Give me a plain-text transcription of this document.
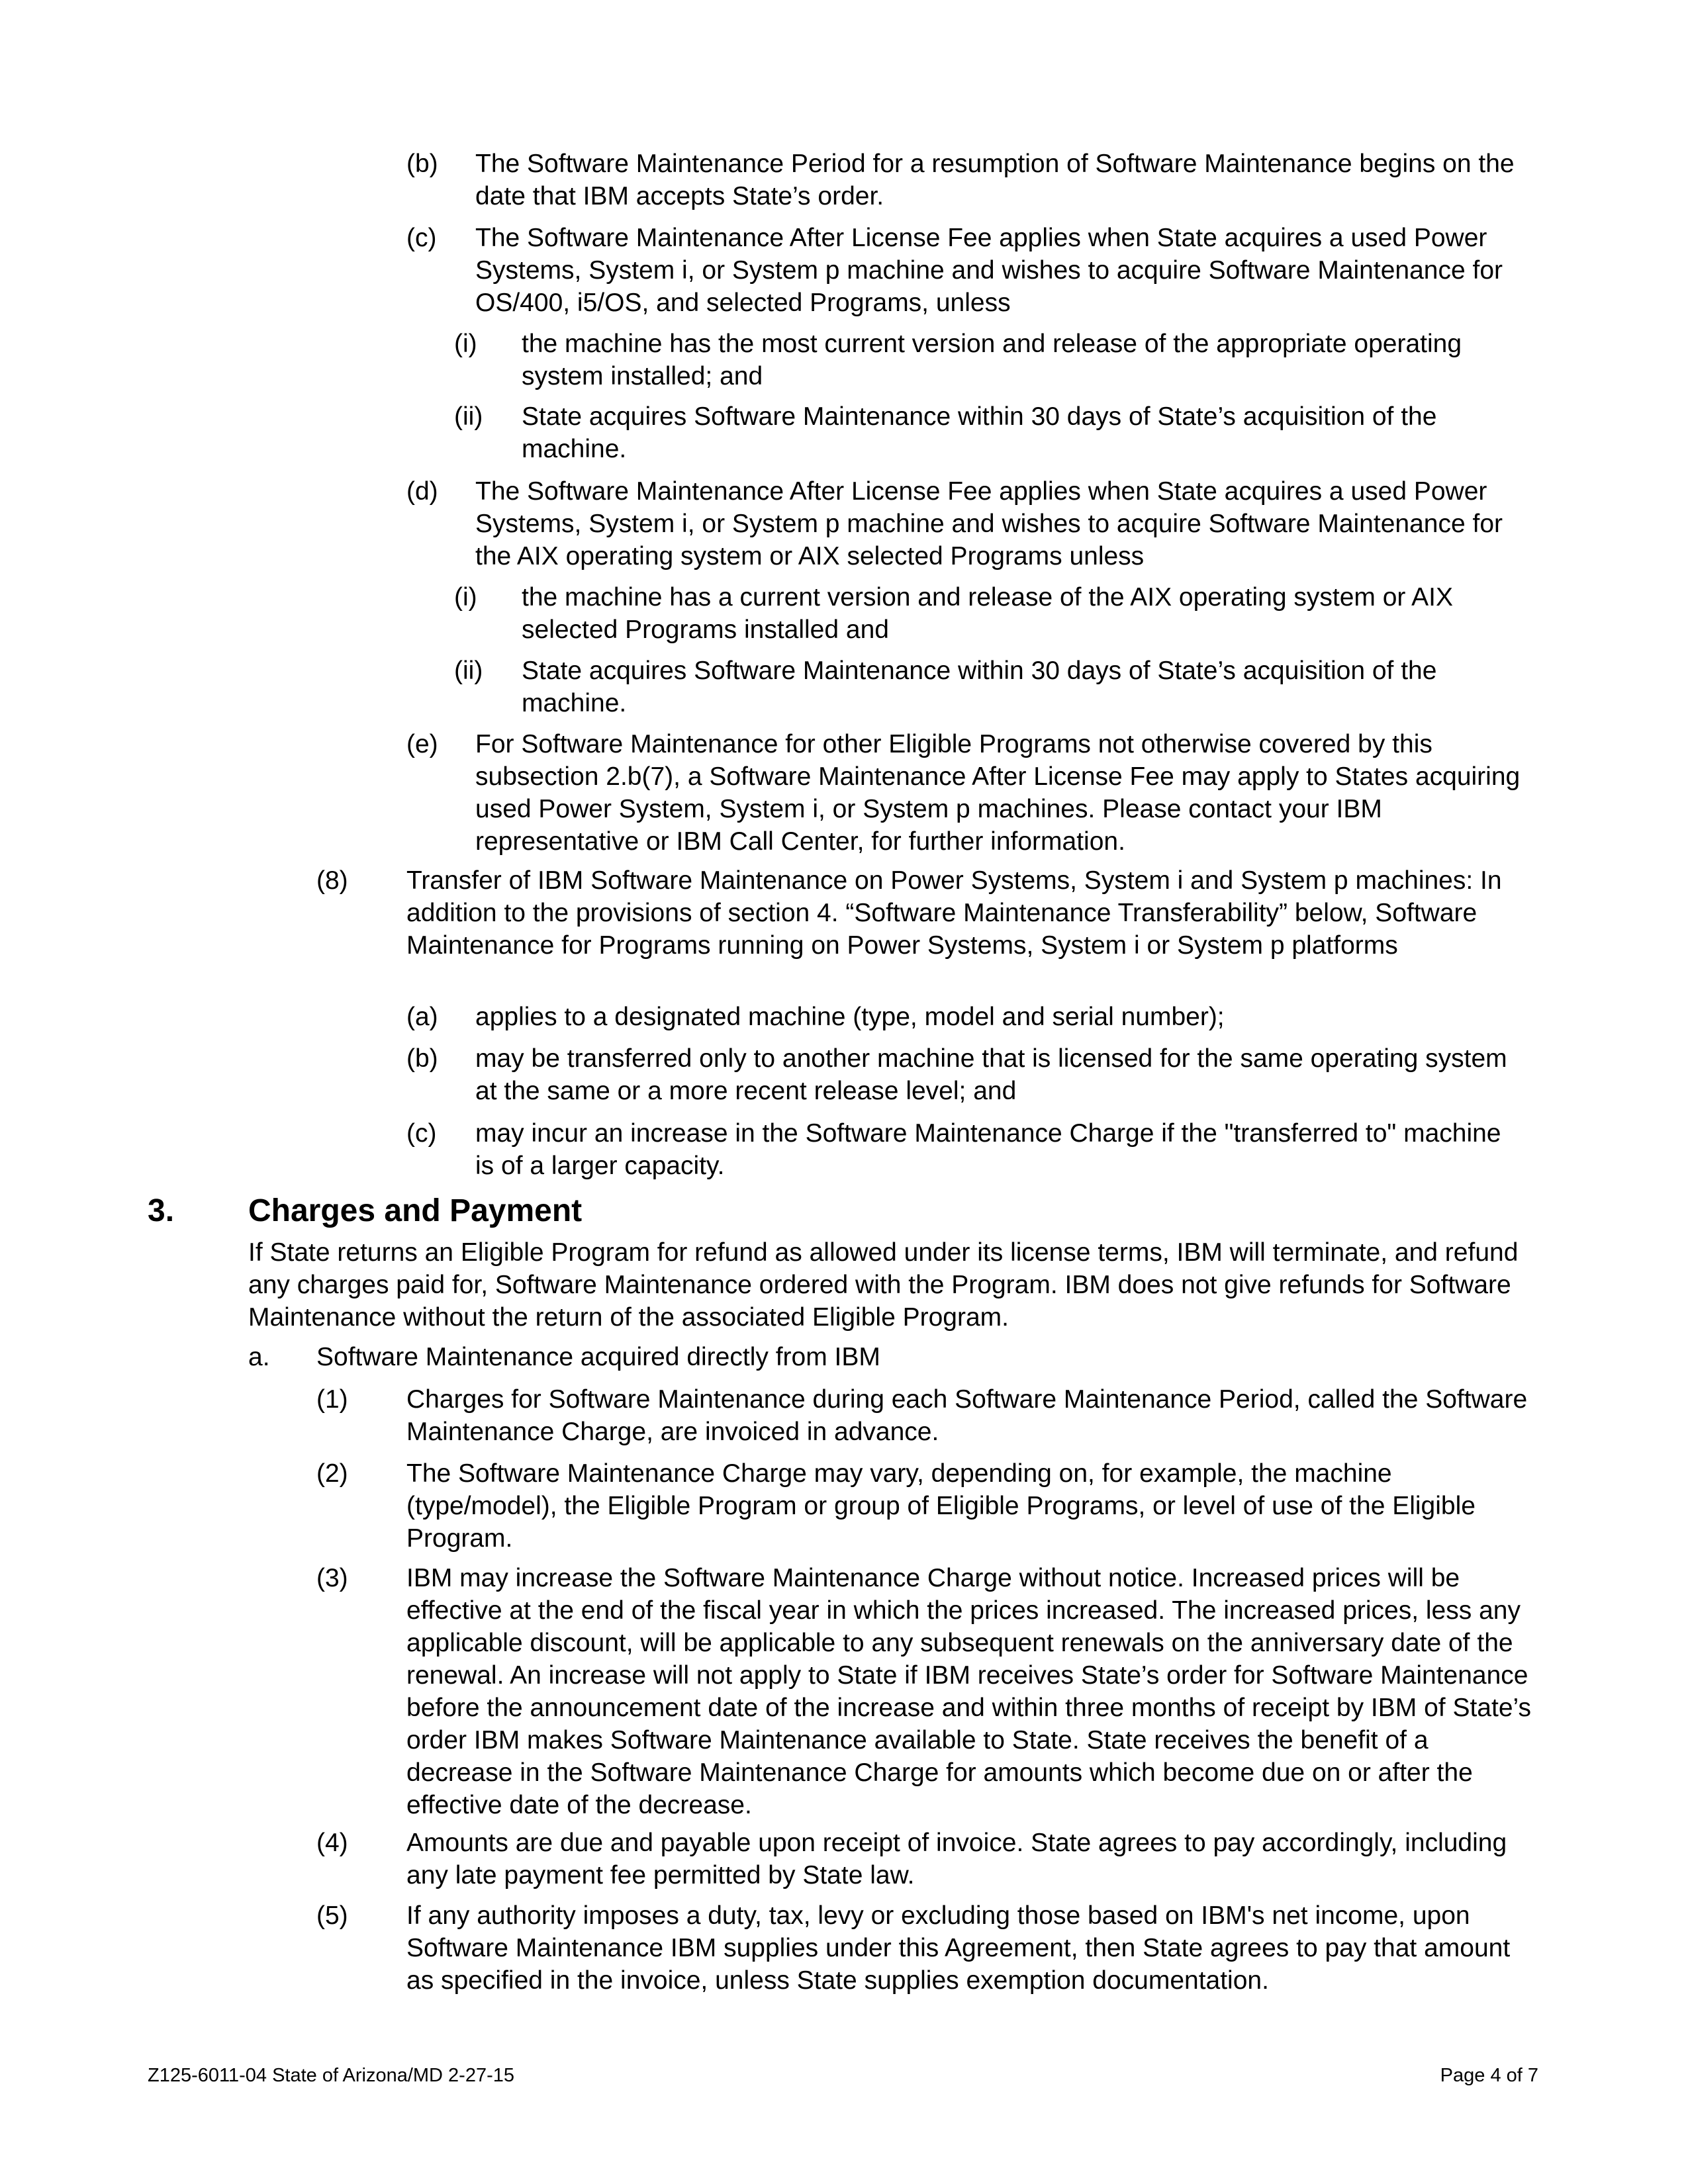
(b)	The Software Maintenance Period for a resumption of Software Maintenance begins on the date that IBM accepts State’s order.
(c)	The Software Maintenance After License Fee applies when State acquires a used Power Systems, System i, or System p machine and wishes to acquire Software Maintenance for OS/400, i5/OS, and selected Programs, unless
(i)	the machine has the most current version and release of the appropriate operating system installed; and
(ii)	State acquires Software Maintenance within 30 days of State’s acquisition of the machine.
(d)	The Software Maintenance After License Fee applies when State acquires a used Power Systems, System i, or System p machine and wishes to acquire Software Maintenance for the AIX operating system or AIX selected Programs unless
(i)	the machine has a current version and release of the AIX operating system or AIX selected Programs installed and
(ii)	State acquires Software Maintenance within 30 days of State’s acquisition of the machine.
(e)	For Software Maintenance for other Eligible Programs not otherwise covered by this subsection 2.b(7), a Software Maintenance After License Fee may apply to States acquiring used Power System, System i, or System p machines. Please contact your IBM representative or IBM Call Center, for further information.
(8)	Transfer of IBM Software Maintenance on Power Systems, System i and System p machines: In addition to the provisions of section 4. “Software Maintenance Transferability” below, Software Maintenance for Programs running on Power Systems, System i or System p platforms
(a)	applies to a designated machine (type, model and serial number);
(b)	may be transferred only to another machine that is licensed for the same operating system at the same or a more recent release level; and
(c)	may incur an increase in the Software Maintenance Charge if the "transferred to" machine is of a larger capacity.
3. Charges and Payment
If State returns an Eligible Program for refund as allowed under its license terms, IBM will terminate, and refund any charges paid for, Software Maintenance ordered with the Program. IBM does not give refunds for Software Maintenance without the return of the associated Eligible Program.
a.	Software Maintenance acquired directly from IBM
(1)	Charges for Software Maintenance during each Software Maintenance Period, called the Software Maintenance Charge, are invoiced in advance.
(2)	The Software Maintenance Charge may vary, depending on, for example, the machine (type/model), the Eligible Program or group of Eligible Programs, or level of use of the Eligible Program.
(3)	IBM may increase the Software Maintenance Charge without notice. Increased prices will be effective at the end of the fiscal year in which the prices increased. The increased prices, less any applicable discount, will be applicable to any subsequent renewals on the anniversary date of the renewal. An increase will not apply to State if IBM receives State’s order for Software Maintenance before the announcement date of the increase and within three months of receipt by IBM of State’s order IBM makes Software Maintenance available to State. State receives the benefit of a decrease in the Software Maintenance Charge for amounts which become due on or after the effective date of the decrease.
(4)	Amounts are due and payable upon receipt of invoice. State agrees to pay accordingly, including any late payment fee permitted by State law.
(5)	If any authority imposes a duty, tax, levy or excluding those based on IBM's net income, upon Software Maintenance IBM supplies under this Agreement, then State agrees to pay that amount as specified in the invoice, unless State supplies exemption documentation.
Z125-6011-04 State of Arizona/MD 2-27-15	Page 4 of 7
